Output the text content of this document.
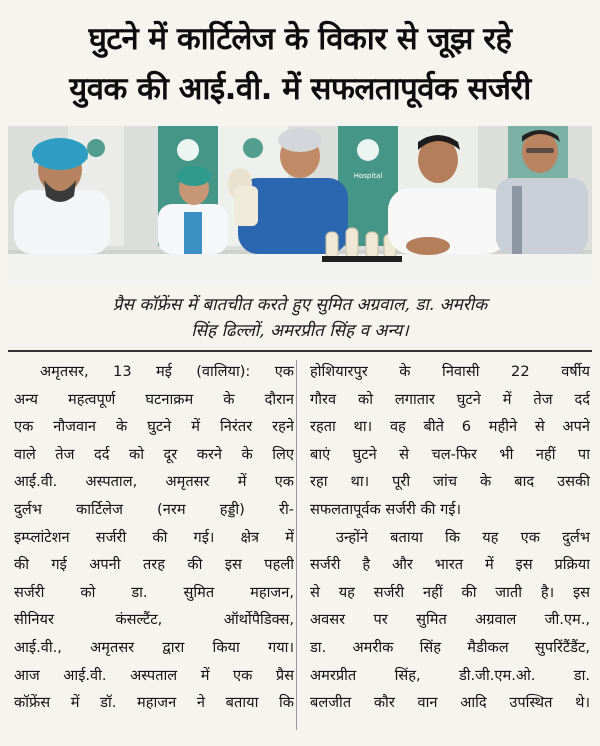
घुटने में कार्टिलेज के विकार से जूझ रहे
युवक की आई.वी. में सफलतापूर्वक सर्जरी
Hospital
प्रैस कॉफ्रेंस में बातचीत करते हुए सुमित अग्रवाल, डा. अमरीक
सिंह ढिल्लों, अमरप्रीत सिंह व अन्य।
अमृतसर, 13 मई (वालिया): एक
अन्य महत्वपूर्ण घटनाक्रम के दौरान
एक नौजवान के घुटने में निरंतर रहने
वाले तेज दर्द को दूर करने के लिए
आई.वी. अस्पताल, अमृतसर में एक
दुर्लभ कार्टिलेज (नरम हड्डी) री-
इम्प्लांटेशन सर्जरी की गई। क्षेत्र में
की गई अपनी तरह की इस पहली
सर्जरी को डा. सुमित महाजन,
सीनियर कंसल्टैंट, ऑर्थोपैडिक्स,
आई.वी., अमृतसर द्वारा किया गया।
आज आई.वी. अस्पताल में एक प्रैस
कॉफ्रेंस में डॉ. महाजन ने बताया कि
होशियारपुर के निवासी 22 वर्षीय
गौरव को लगातार घुटने में तेज दर्द
रहता था। वह बीते 6 महीने से अपने
बाएं घुटने से चल-फिर भी नहीं पा
रहा था। पूरी जांच के बाद उसकी
सफलतापूर्वक सर्जरी की गई।
उन्होंने बताया कि यह एक दुर्लभ
सर्जरी है और भारत में इस प्रक्रिया
से यह सर्जरी नहीं की जाती है। इस
अवसर पर सुमित अग्रवाल जी.एम.,
डा. अमरीक सिंह मैडीकल सुपरिंटैंडैंट,
अमरप्रीत सिंह, डी.जी.एम.ओ. डा.
बलजीत कौर वान आदि उपस्थित थे।
